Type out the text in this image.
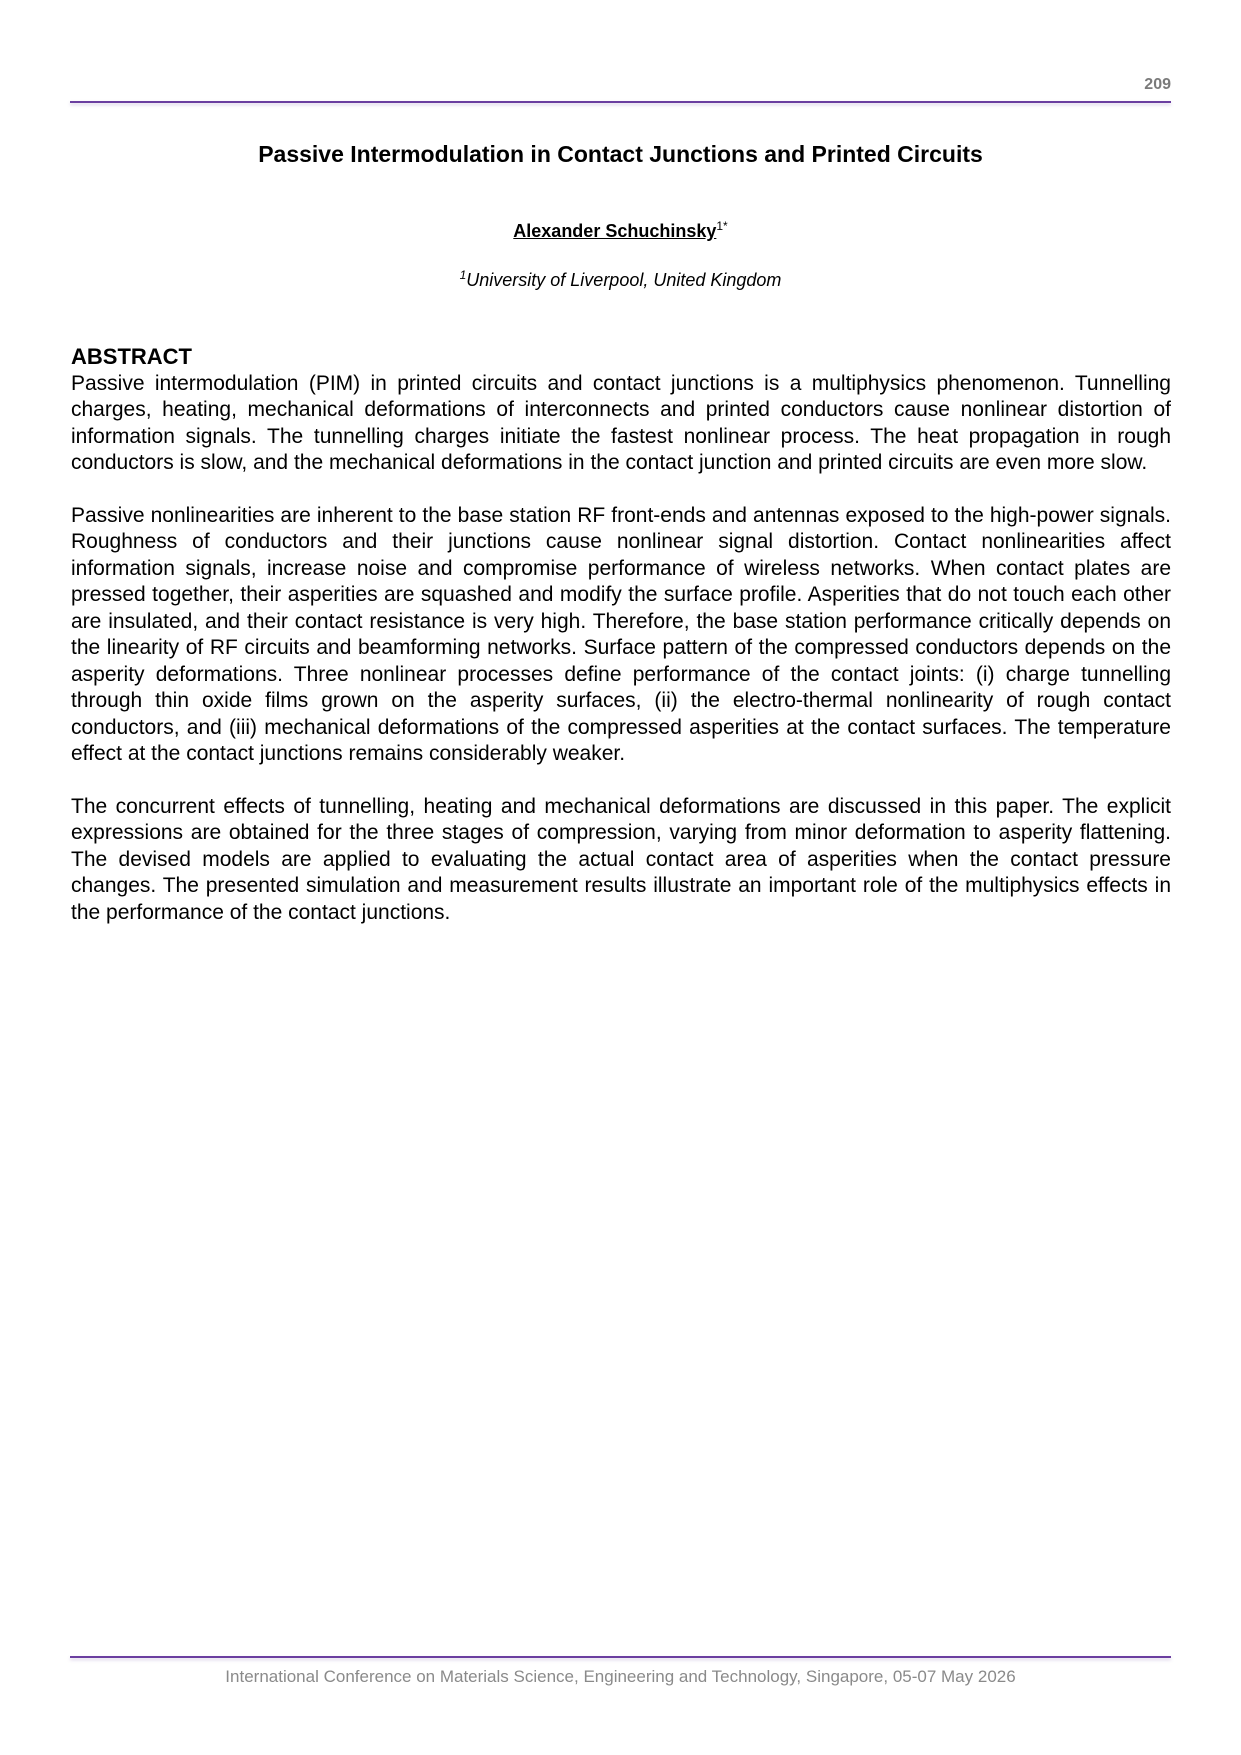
209
Passive Intermodulation in Contact Junctions and Printed Circuits
Alexander Schuchinsky$^{1*}$
$^1$University of Liverpool, United Kingdom
ABSTRACT

Passive intermodulation (PIM) in printed circuits and contact junctions is a multiphysics phenomenon. Tunnelling charges, heating, mechanical deformations of interconnects and printed conductors cause nonlinear distortion of information signals. The tunnelling charges initiate the fastest nonlinear process. The heat propagation in rough conductors is slow, and the mechanical deformations in the contact junction and printed circuits are even more slow.

Passive nonlinearities are inherent to the base station RF front-ends and antennas exposed to the high-power signals. Roughness of conductors and their junctions cause nonlinear signal distortion. Contact nonlinearities affect information signals, increase noise and compromise performance of wireless networks. When contact plates are pressed together, their asperities are squashed and modify the surface profile. Asperities that do not touch each other are insulated, and their contact resistance is very high. Therefore, the base station performance critically depends on the linearity of RF circuits and beamforming networks. Surface pattern of the compressed conductors depends on the asperity deformations. Three nonlinear processes define performance of the contact joints: (i) charge tunnelling through thin oxide films grown on the asperity surfaces, (ii) the electro-thermal nonlinearity of rough contact conductors, and (iii) mechanical deformations of the compressed asperities at the contact surfaces. The temperature effect at the contact junctions remains considerably weaker.

The concurrent effects of tunnelling, heating and mechanical deformations are discussed in this paper. The explicit expressions are obtained for the three stages of compression, varying from minor deformation to asperity flattening. The devised models are applied to evaluating the actual contact area of asperities when the contact pressure changes. The presented simulation and measurement results illustrate an important role of the multiphysics effects in the performance of the contact junctions.

International Conference on Materials Science, Engineering and Technology, Singapore, 05-07 May 2026
